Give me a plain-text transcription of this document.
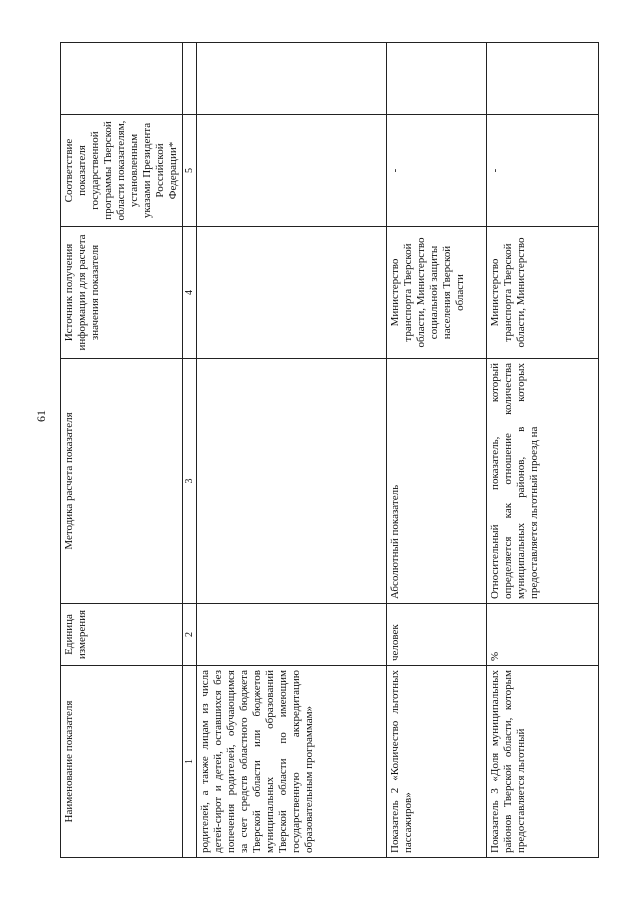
61
Наименование показателя	Единица измерения	Методика расчета показателя	Источник получения информации для расчета значения показателя	Соответствие показателя государственной программы Тверской области показателям, установленным указами Президента Российской Федерации*	
1	2	3	4	5	
родителей, а также лицам из числа детей-сирот и детей, оставшихся без попечения родителей, обучающимся за счет средств областного бюджета Тверской области или бюджетов муниципальных образований Тверской области по имеющим государственную аккредитацию образовательным программам»					
Показатель 2 «Количество льготных пассажиров»	человек	Абсолютный показатель	Министерство транспорта Тверской области, Министерство социальной защиты населения Тверской области	-	
Показатель 3 «Доля муниципальных районов Тверской области, которым предоставляется льготный	%	Относительный показатель, который определяется как отношение количества муниципальных районов, в которых предоставляется льготный проезд на	Министерство транспорта Тверской области, Министерство	-	
